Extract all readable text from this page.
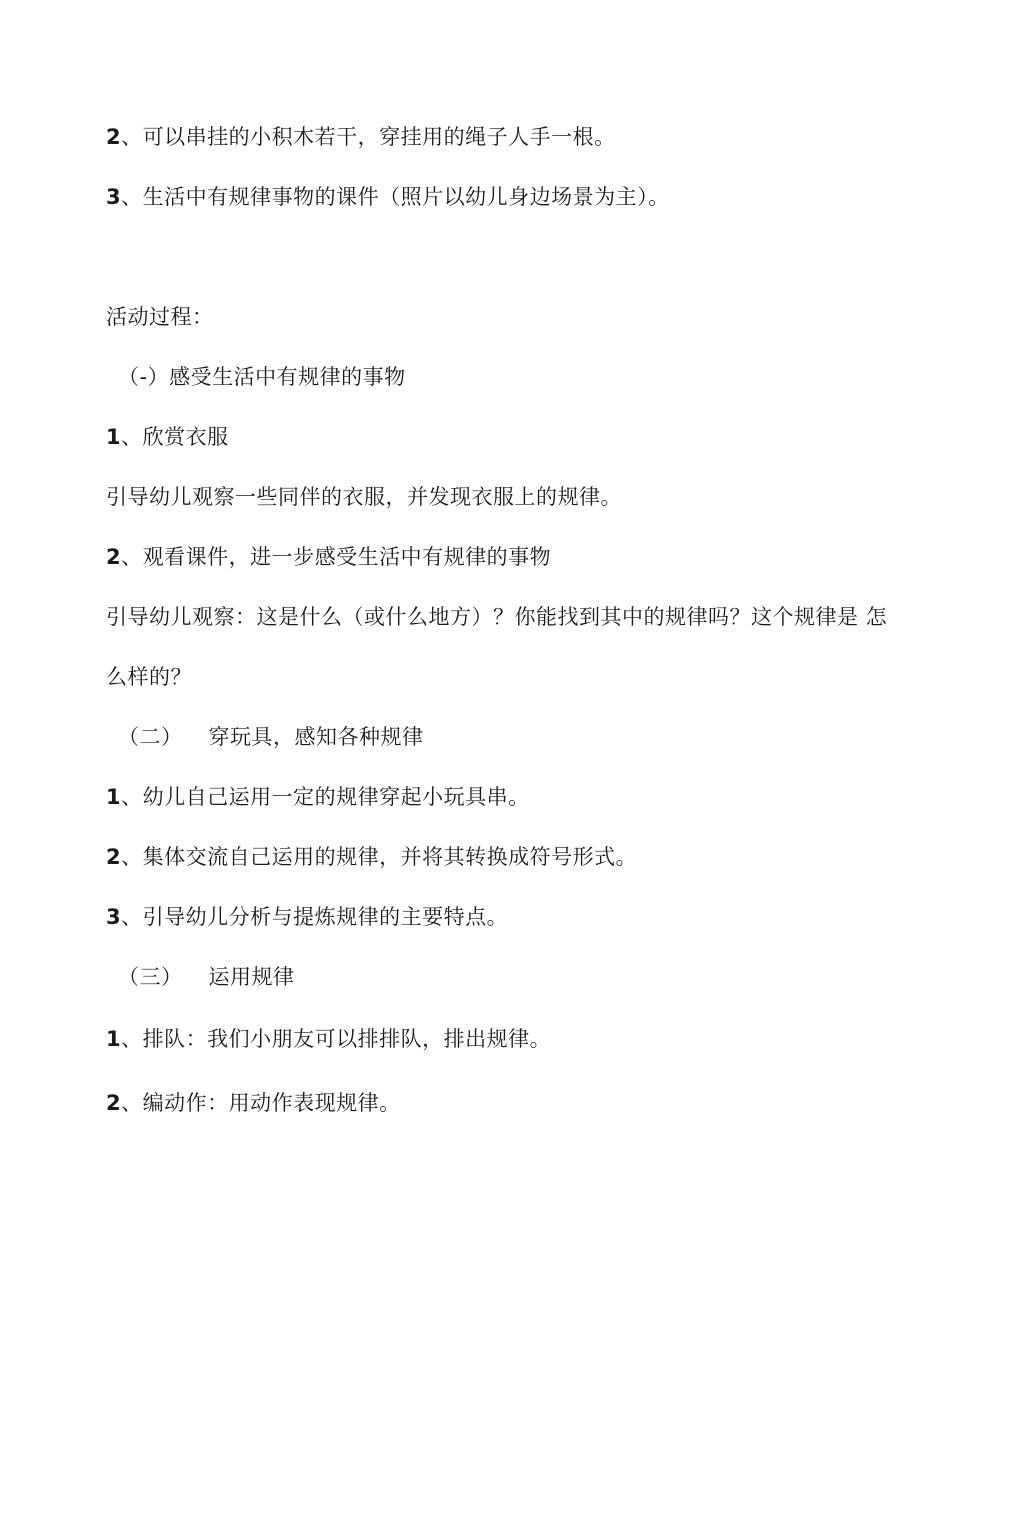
2、可以串挂的小积木若干，穿挂用的绳子人手一根。
3、生活中有规律事物的课件（照片以幼儿身边场景为主）。
活动过程：
（-）感受生活中有规律的事物
1、欣赏衣服
引导幼儿观察一些同伴的衣服，并发现衣服上的规律。
2、观看课件，进一步感受生活中有规律的事物
引导幼儿观察：这是什么（或什么地方）？你能找到其中的规律吗？这个规律是 怎
么样的？
（二） 穿玩具，感知各种规律
1、幼儿自己运用一定的规律穿起小玩具串。
2、集体交流自己运用的规律，并将其转换成符号形式。
3、引导幼儿分析与提炼规律的主要特点。
（三） 运用规律
1、排队：我们小朋友可以排排队，排出规律。
2、编动作：用动作表现规律。
